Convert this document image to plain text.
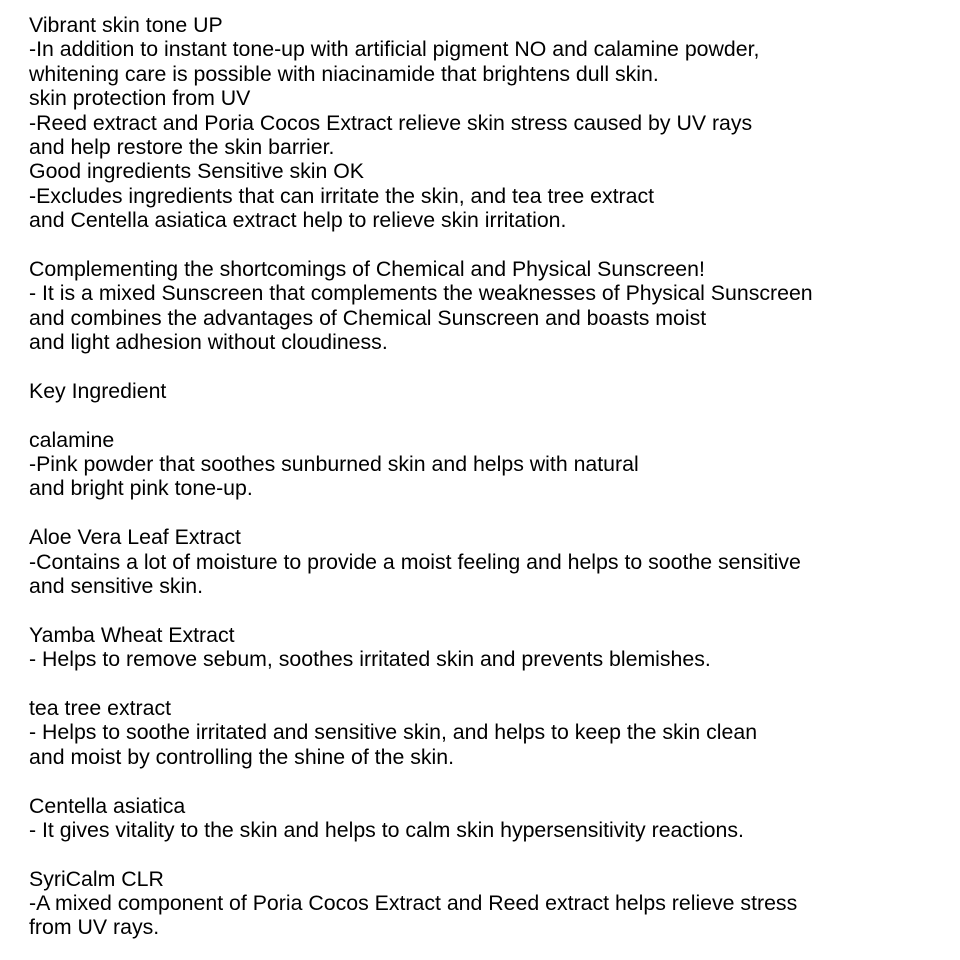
Vibrant skin tone UP
-In addition to instant tone-up with artificial pigment NO and calamine powder,
whitening care is possible with niacinamide that brightens dull skin.
skin protection from UV
-Reed extract and Poria Cocos Extract relieve skin stress caused by UV rays
and help restore the skin barrier.
Good ingredients Sensitive skin OK
-Excludes ingredients that can irritate the skin, and tea tree extract
and Centella asiatica extract help to relieve skin irritation.
Complementing the shortcomings of Chemical and Physical Sunscreen!
- It is a mixed Sunscreen that complements the weaknesses of Physical Sunscreen
and combines the advantages of Chemical Sunscreen and boasts moist
and light adhesion without cloudiness.
Key Ingredient
calamine
-Pink powder that soothes sunburned skin and helps with natural
and bright pink tone-up.
Aloe Vera Leaf Extract
-Contains a lot of moisture to provide a moist feeling and helps to soothe sensitive
and sensitive skin.
Yamba Wheat Extract
- Helps to remove sebum, soothes irritated skin and prevents blemishes.
tea tree extract
- Helps to soothe irritated and sensitive skin, and helps to keep the skin clean
and moist by controlling the shine of the skin.
Centella asiatica
- It gives vitality to the skin and helps to calm skin hypersensitivity reactions.
SyriCalm CLR
-A mixed component of Poria Cocos Extract and Reed extract helps relieve stress
from UV rays.
